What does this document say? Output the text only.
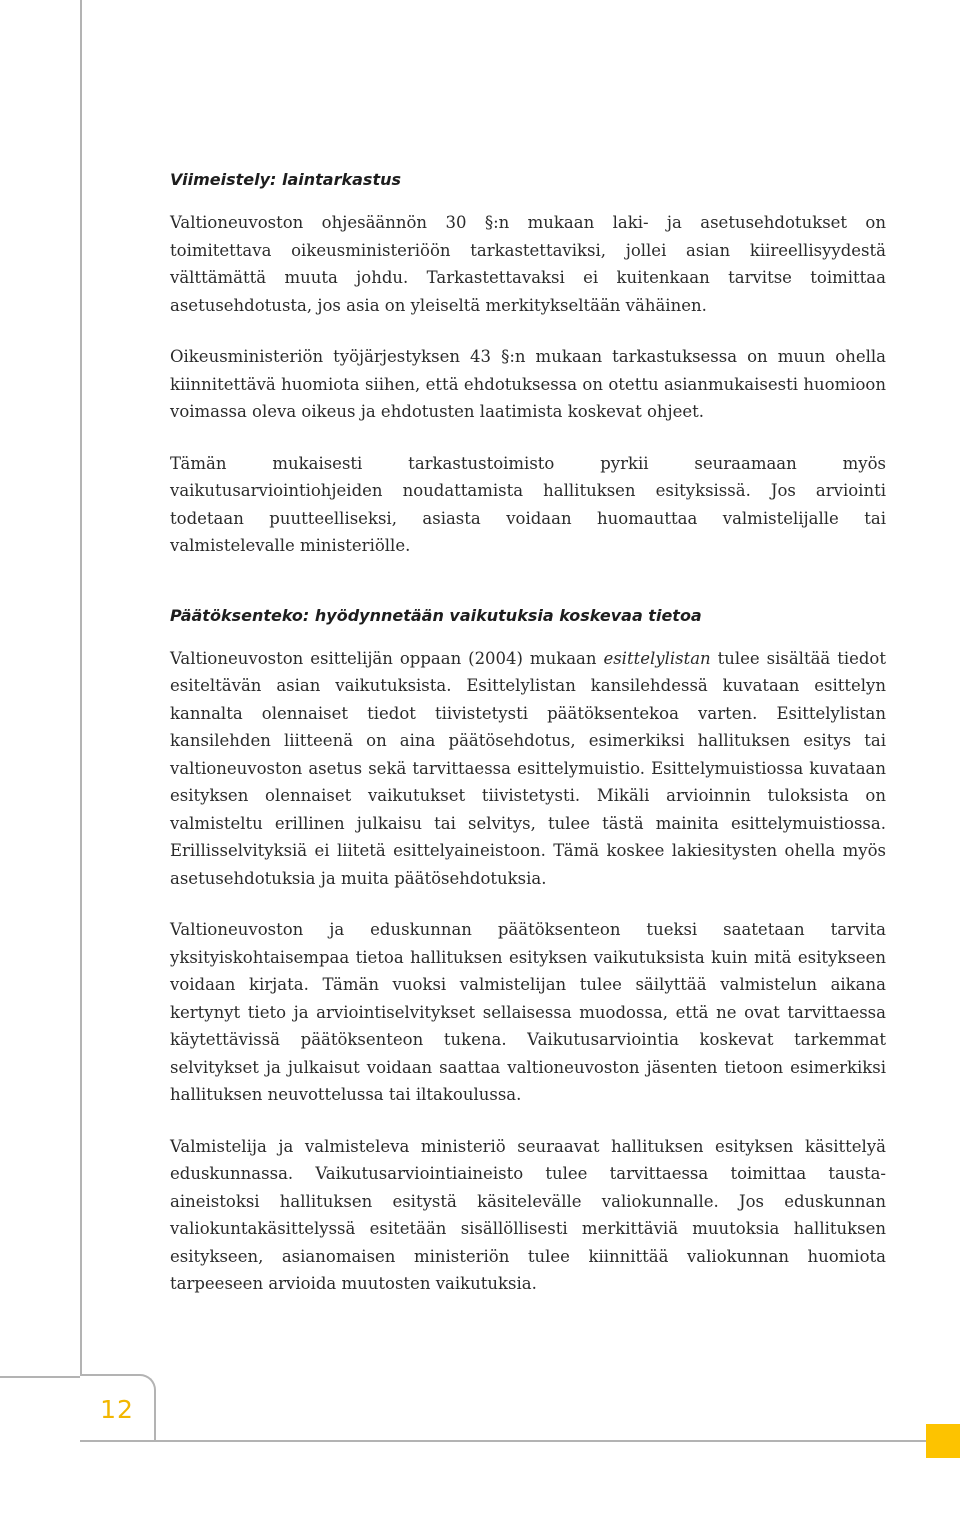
12
Viimeistely: laintarkastus

Valtioneuvoston ohjesäännön 30 §:n mukaan laki- ja asetusehdotukset on toimitettava oikeusministeriöön tarkastettaviksi, jollei asian kiireellisyydestä välttämättä muuta johdu. Tarkastettavaksi ei kuitenkaan tarvitse toimittaa asetusehdotusta, jos asia on yleiseltä merkitykseltään vähäinen.

Oikeusministeriön työjärjestyksen 43 §:n mukaan tarkastuksessa on muun ohella kiinnitettävä huomiota siihen, että ehdotuksessa on otettu asianmukaisesti huomioon voimassa oleva oikeus ja ehdotusten laatimista koskevat ohjeet.

Tämän mukaisesti tarkastustoimisto pyrkii seuraamaan myös vaikutusarviointiohjeiden noudattamista hallituksen esityksissä. Jos arviointi todetaan puutteelliseksi, asiasta voidaan huomauttaa valmistelijalle tai valmistelevalle ministeriölle.

Päätöksenteko: hyödynnetään vaikutuksia koskevaa tietoa

Valtioneuvoston esittelijän oppaan (2004) mukaan esittelylistan tulee sisältää tiedot esiteltävän asian vaikutuksista. Esittelylistan kansilehdessä kuvataan esittelyn kannalta olennaiset tiedot tiivistetysti päätöksentekoa varten. Esittelylistan kansilehden liitteenä on aina päätösehdotus, esimerkiksi hallituksen esitys tai valtioneuvoston asetus sekä tarvittaessa esittelymuistio. Esittelymuistiossa kuvataan esityksen olennaiset vaikutukset tiivistetysti. Mikäli arvioinnin tuloksista on valmisteltu erillinen julkaisu tai selvitys, tulee tästä mainita esittelymuistiossa. Erillisselvityksiä ei liitetä esittelyaineistoon. Tämä koskee lakiesitysten ohella myös asetusehdotuksia ja muita päätösehdotuksia.

Valtioneuvoston ja eduskunnan päätöksenteon tueksi saatetaan tarvita yksityiskohtaisempaa tietoa hallituksen esityksen vaikutuksista kuin mitä esitykseen voidaan kirjata. Tämän vuoksi valmistelijan tulee säilyttää valmistelun aikana kertynyt tieto ja arviointiselvitykset sellaisessa muodossa, että ne ovat tarvittaessa käytettävissä päätöksenteon tukena. Vaikutusarviointia koskevat tarkemmat selvitykset ja julkaisut voidaan saattaa valtioneuvoston jäsenten tietoon esimerkiksi hallituksen neuvottelussa tai iltakoulussa.

Valmistelija ja valmisteleva ministeriö seuraavat hallituksen esityksen käsittelyä eduskunnassa. Vaikutusarviointiaineisto tulee tarvittaessa toimittaa tausta-aineistoksi hallituksen esitystä käsitelevälle valiokunnalle. Jos eduskunnan valiokuntakäsittelyssä esitetään sisällöllisesti merkittäviä muutoksia hallituksen esitykseen, asianomaisen ministeriön tulee kiinnittää valiokunnan huomiota tarpeeseen arvioida muutosten vaikutuksia.
